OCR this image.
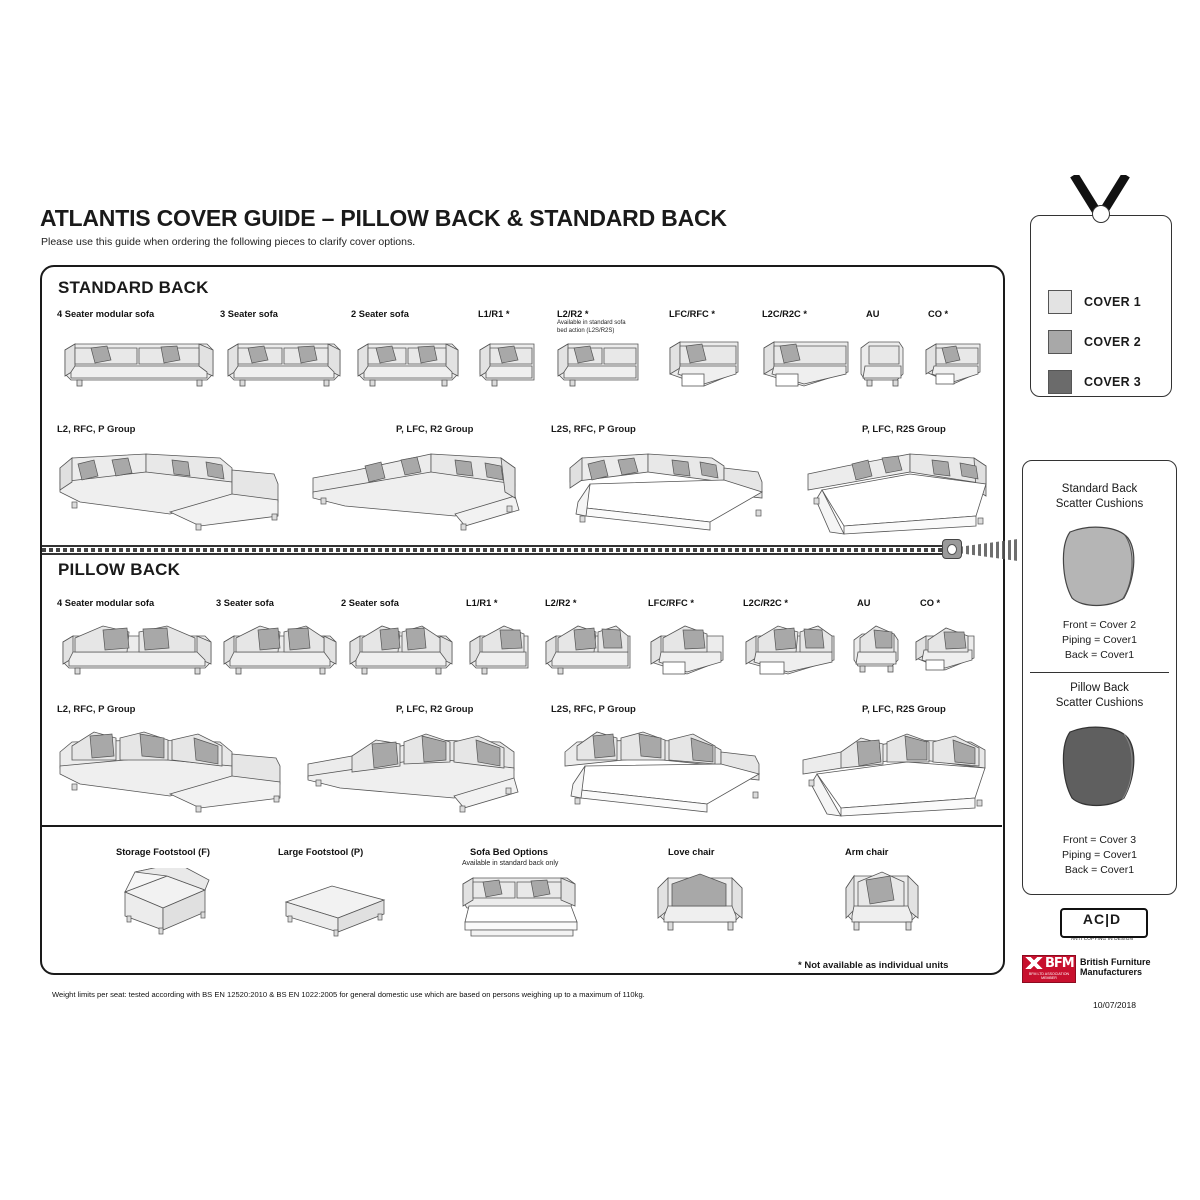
ATLANTIS COVER GUIDE – PILLOW BACK & STANDARD BACK
Please use this guide when ordering the following pieces to clarify cover options.
STANDARD BACK
4 Seater modular sofa	3 Seater sofa	2 Seater sofa	L1/R1 *	L2/R2 *
Available in standard sofa
bed action (L2S/R2S)
LFC/RFC *	L2C/R2C *	AU	CO *
L2, RFC, P Group	P, LFC, R2 Group	L2S, RFC, P Group	P, LFC, R2S Group
PILLOW BACK
4 Seater modular sofa	3 Seater sofa	2 Seater sofa	L1/R1 *	L2/R2 *	LFC/RFC *	L2C/R2C *	AU	CO *
L2, RFC, P Group	P, LFC, R2 Group	L2S, RFC, P Group	P, LFC, R2S Group
Storage Footstool (F)	Large Footstool (P)	Sofa Bed Options
Available in standard back only
Love chair	Arm chair
* Not available as individual units
COVER 1
COVER 2
COVER 3
Standard Back
Scatter Cushions
Front = Cover 2
Piping = Cover1
Back = Cover1
Pillow Back
Scatter Cushions
Front = Cover 3
Piping = Cover1
Back = Cover1
AC|D
ANTI COPYING IN DESIGN
BFM
BFM LTD ASSOCIATION MEMBER
British Furniture
Manufacturers
Weight limits per seat: tested according with BS EN 12520:2010 & BS EN 1022:2005 for general domestic use which are based on persons weighing up to a maximum of 110kg.
10/07/2018
